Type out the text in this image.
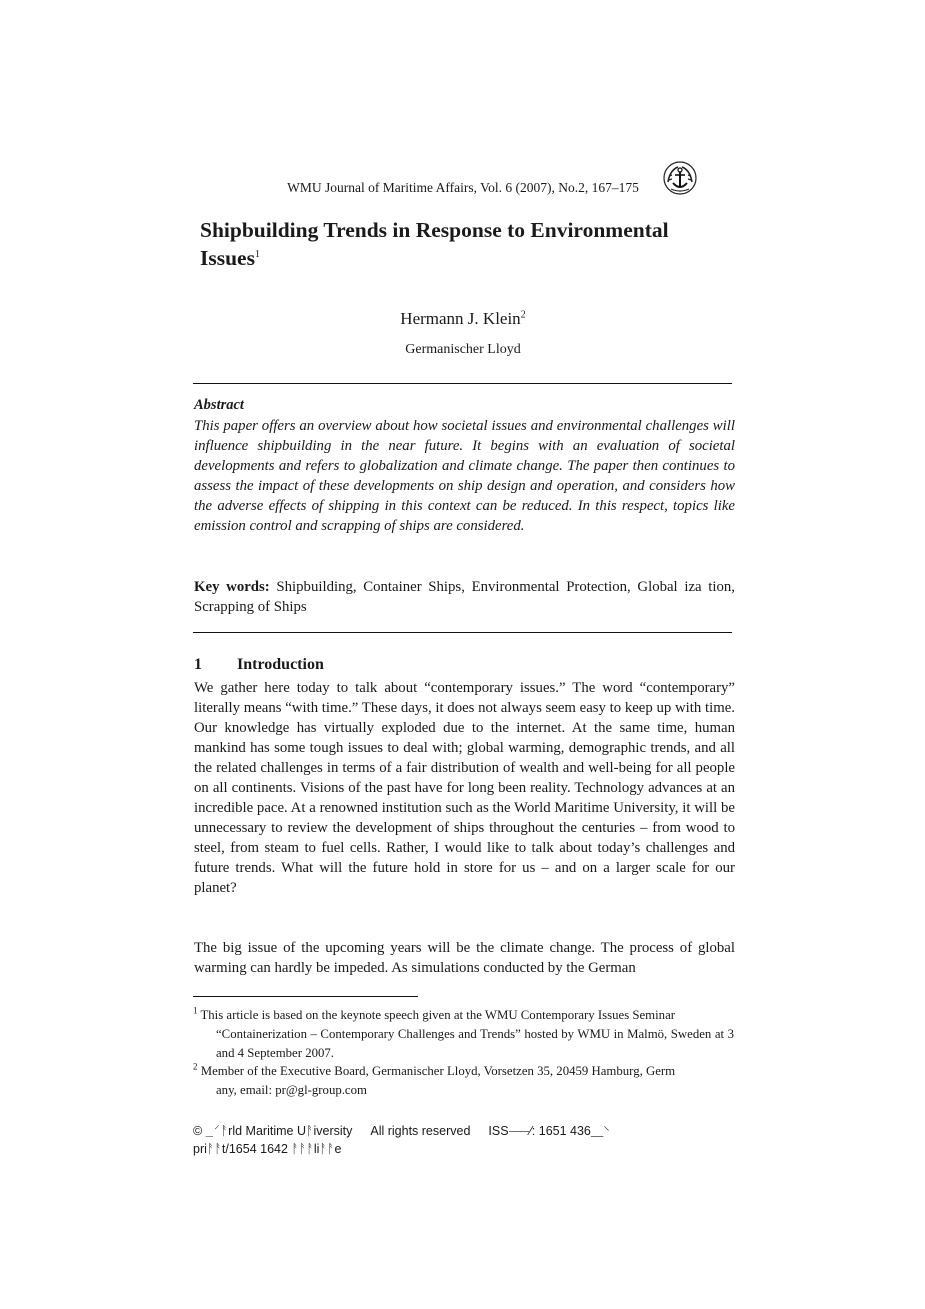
WMU Journal of Maritime Affairs, Vol. 6 (2007), No.2, 167–175
Shipbuilding Trends in Response to Environmental Issues$^1$
Hermann J. Klein$^2$
Germanischer Lloyd
Abstract

This paper offers an overview about how societal issues and environmental challenges will influence shipbuilding in the near future. It begins with an evaluation of societal developments and refers to globalization and climate change. The paper then continues to assess the impact of these developments on ship design and operation, and considers how the adverse effects of shipping in this context can be reduced. In this respect, topics like emission control and scrapping of ships are considered.

Key words: Shipbuilding, Container Ships, Environmental Protection, Global iza tion, Scrapping of Ships

1 Introduction

We gather here today to talk about “contemporary issues.” The word “contemporary” literally means “with time.” These days, it does not always seem easy to keep up with time. Our knowledge has virtually exploded due to the internet. At the same time, human mankind has some tough issues to deal with; global warming, demographic trends, and all the related challenges in terms of a fair distribution of wealth and well-being for all people on all continents. Visions of the past have for long been reality. Technology advances at an incredible pace. At a renowned institution such as the World Maritime University, it will be unnecessary to review the development of ships throughout the centuries – from wood to steel, from steam to fuel cells. Rather, I would like to talk about today’s challenges and future trends. What will the future hold in store for us – and on a larger scale for our planet?

The big issue of the upcoming years will be the climate change. The process of global warming can hardly be impeded. As simulations conducted by the German

$^1$ This article is based on the keynote speech given at the WMU Contemporary Issues Seminar
“Containerization – Contemporary Challenges and Trends” hosted by WMU in Malmö, Sweden at 3 and 4 September 2007.

$^2$ Member of the Executive Board, Germanischer Lloyd, Vorsetzen 35, 20459 Hamburg, Germ
any, email: pr@gl-group.com

© ⸏⸍ᚨrld Maritime Uᚨiversity All rights reserved ISS⸺⁄: 1651 436⸏⸌
priᚨᚨt/1654 1642 ᚨᚨᚨliᚨᚨe
